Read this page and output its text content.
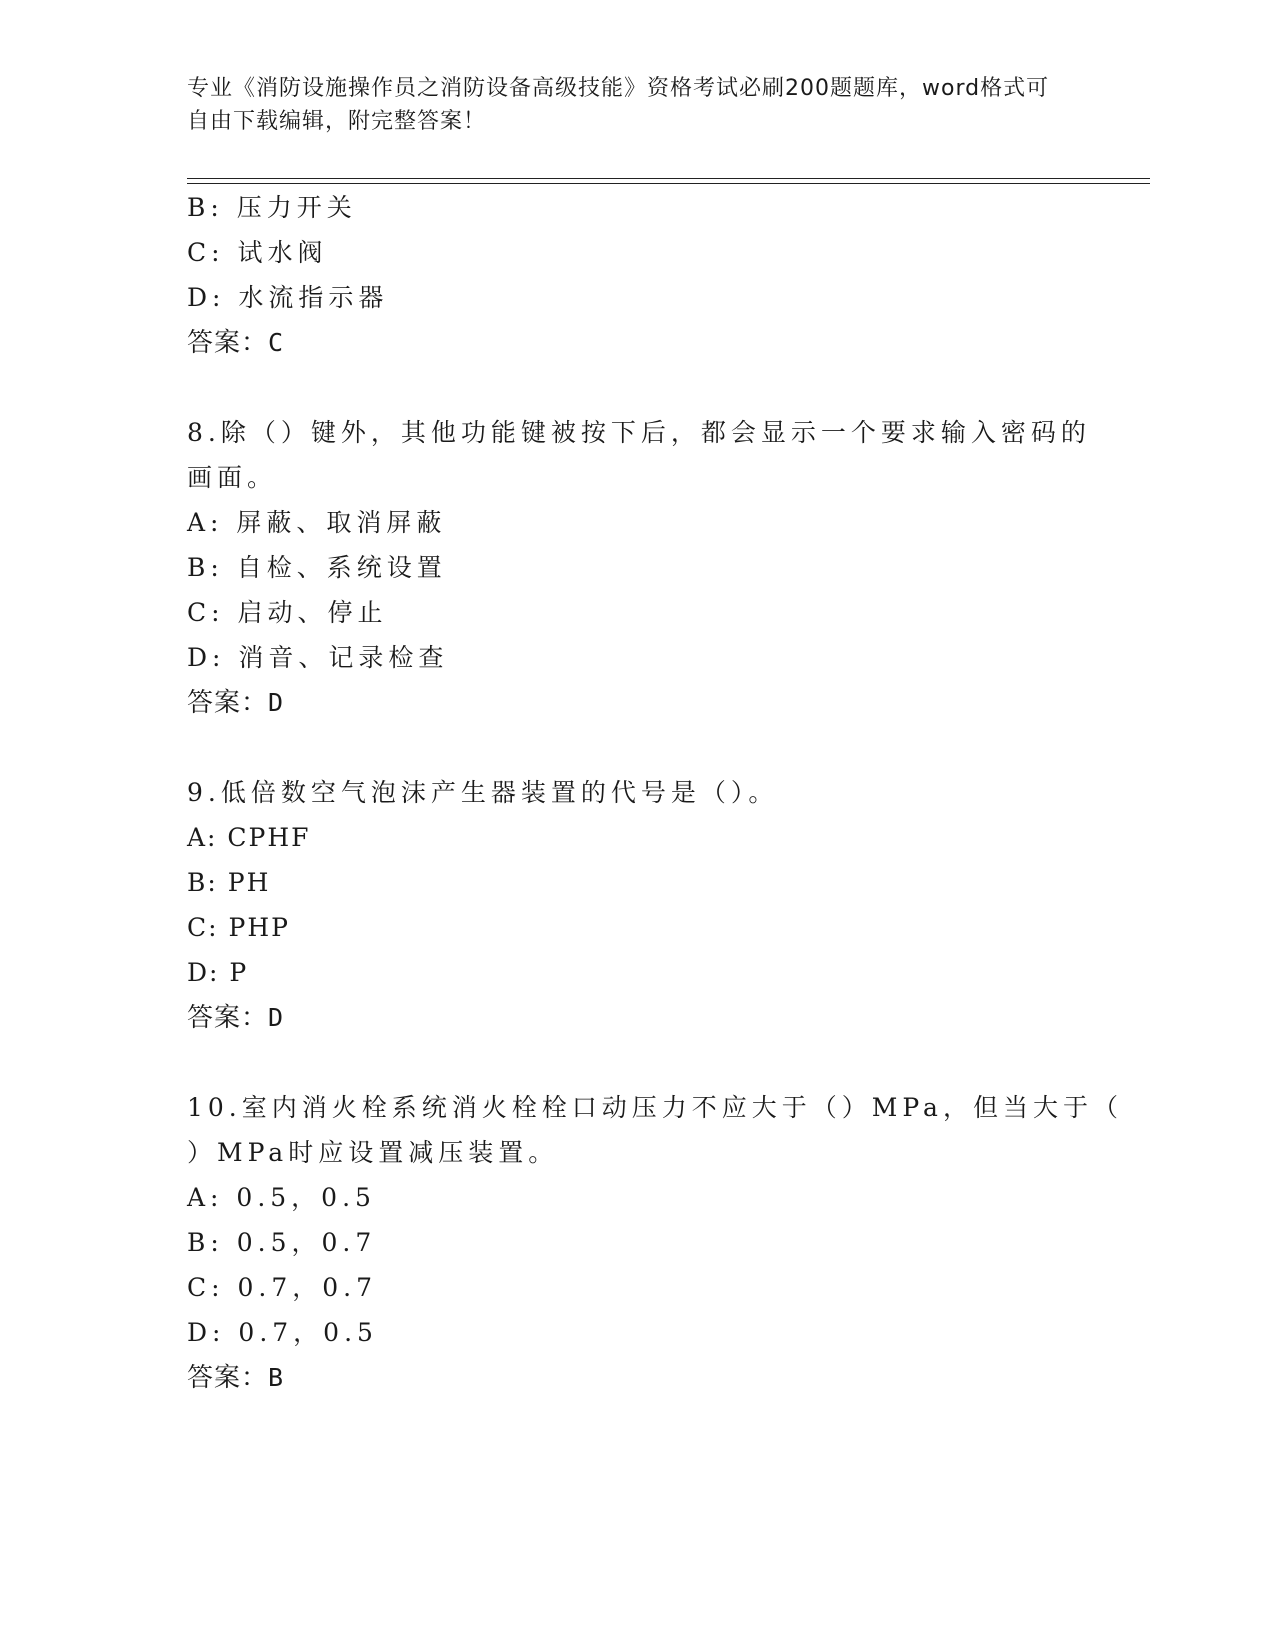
专业《消防设施操作员之消防设备高级技能》资格考试必刷200题题库，word格式可自由下载编辑，附完整答案！
B: 压力开关
C: 试水阀
D: 水流指示器
答案：C
8.除（）键外，其他功能键被按下后，都会显示一个要求输入密码的
画面。
A: 屏蔽、取消屏蔽
B: 自检、系统设置
C: 启动、停止
D: 消音、记录检查
答案：D
9.低倍数空气泡沫产生器装置的代号是（）。
A: CPHF
B: PH
C: PHP
D: P
答案：D
10.室内消火栓系统消火栓栓口动压力不应大于（）MPa，但当大于（
）MPa时应设置减压装置。
A: 0.5，0.5
B: 0.5，0.7
C: 0.7，0.7
D: 0.7，0.5
答案：B
